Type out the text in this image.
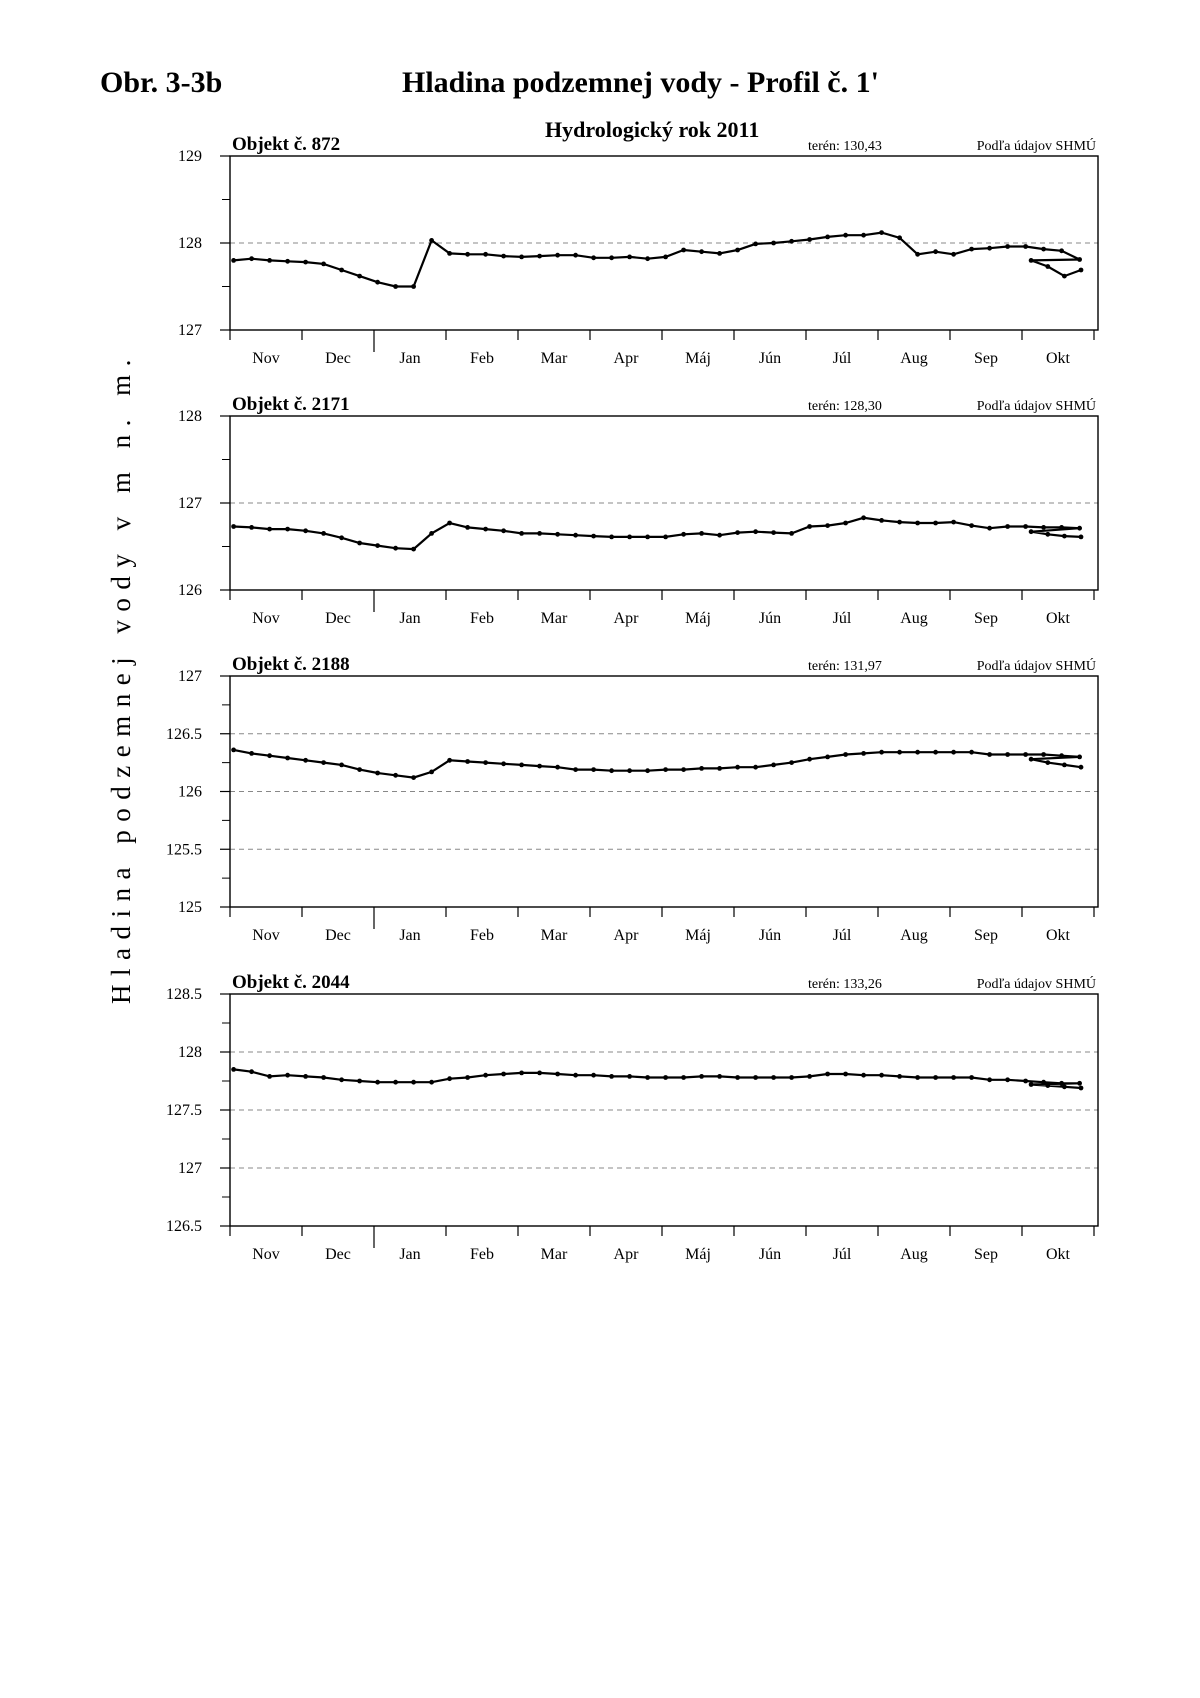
Obr. 3-3b	Hladina podzemnej vody - Profil č. 1'
Hydrologický rok 2011
Hladina podzemnej vody v m n. m.
127
128
129
Nov	Dec	Jan	Feb	Mar	Apr	Máj	Jún	Júl	Aug	Sep	Okt
Objekt č. 872	terén: 130,43	Podľa údajov SHMÚ
126
127
128
Nov	Dec	Jan	Feb	Mar	Apr	Máj	Jún	Júl	Aug	Sep	Okt
Objekt č. 2171	terén: 128,30	Podľa údajov SHMÚ
125
125.5
126
126.5
127
Nov	Dec	Jan	Feb	Mar	Apr	Máj	Jún	Júl	Aug	Sep	Okt
Objekt č. 2188	terén: 131,97	Podľa údajov SHMÚ
126.5
127
127.5
128
128.5
Nov	Dec	Jan	Feb	Mar	Apr	Máj	Jún	Júl	Aug	Sep	Okt
Objekt č. 2044	terén: 133,26	Podľa údajov SHMÚ
